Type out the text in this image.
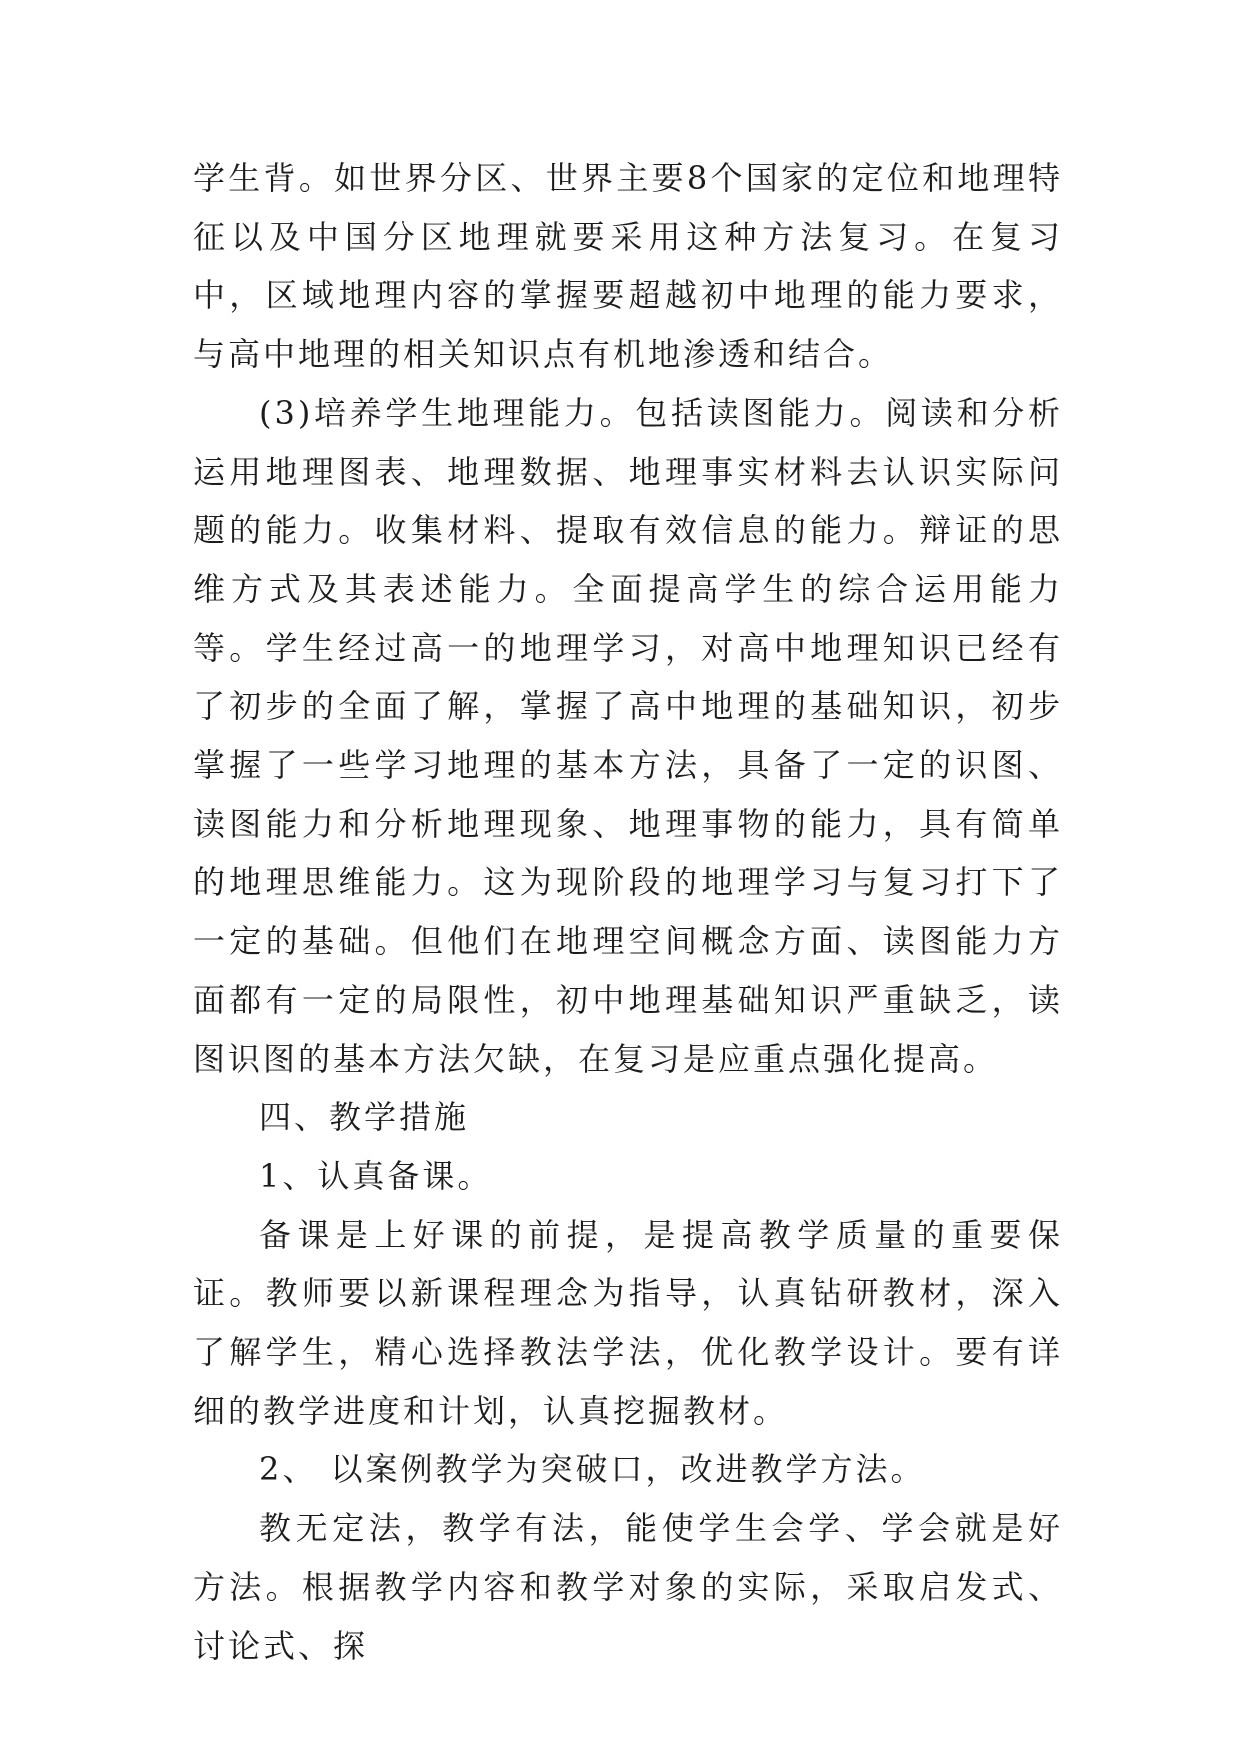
学生背。如世界分区、世界主要8个国家的定位和地理特征以及中国分区地理就要采用这种方法复习。在复习中，区域地理内容的掌握要超越初中地理的能力要求，与高中地理的相关知识点有机地渗透和结合。

(3)培养学生地理能力。包括读图能力。阅读和分析运用地理图表、地理数据、地理事实材料去认识实际问题的能力。收集材料、提取有效信息的能力。辩证的思维方式及其表述能力。全面提高学生的综合运用能力等。学生经过高一的地理学习，对高中地理知识已经有了初步的全面了解，掌握了高中地理的基础知识，初步掌握了一些学习地理的基本方法，具备了一定的识图、读图能力和分析地理现象、地理事物的能力，具有简单的地理思维能力。这为现阶段的地理学习与复习打下了一定的基础。但他们在地理空间概念方面、读图能力方面都有一定的局限性，初中地理基础知识严重缺乏，读图识图的基本方法欠缺，在复习是应重点强化提高。

四、教学措施

1、认真备课。

备课是上好课的前提，是提高教学质量的重要保证。教师要以新课程理念为指导，认真钻研教材，深入了解学生，精心选择教法学法，优化教学设计。要有详细的教学进度和计划，认真挖掘教材。

2、 以案例教学为突破口，改进教学方法。

教无定法，教学有法，能使学生会学、学会就是好方法。根据教学内容和教学对象的实际，采取启发式、讨论式、探
